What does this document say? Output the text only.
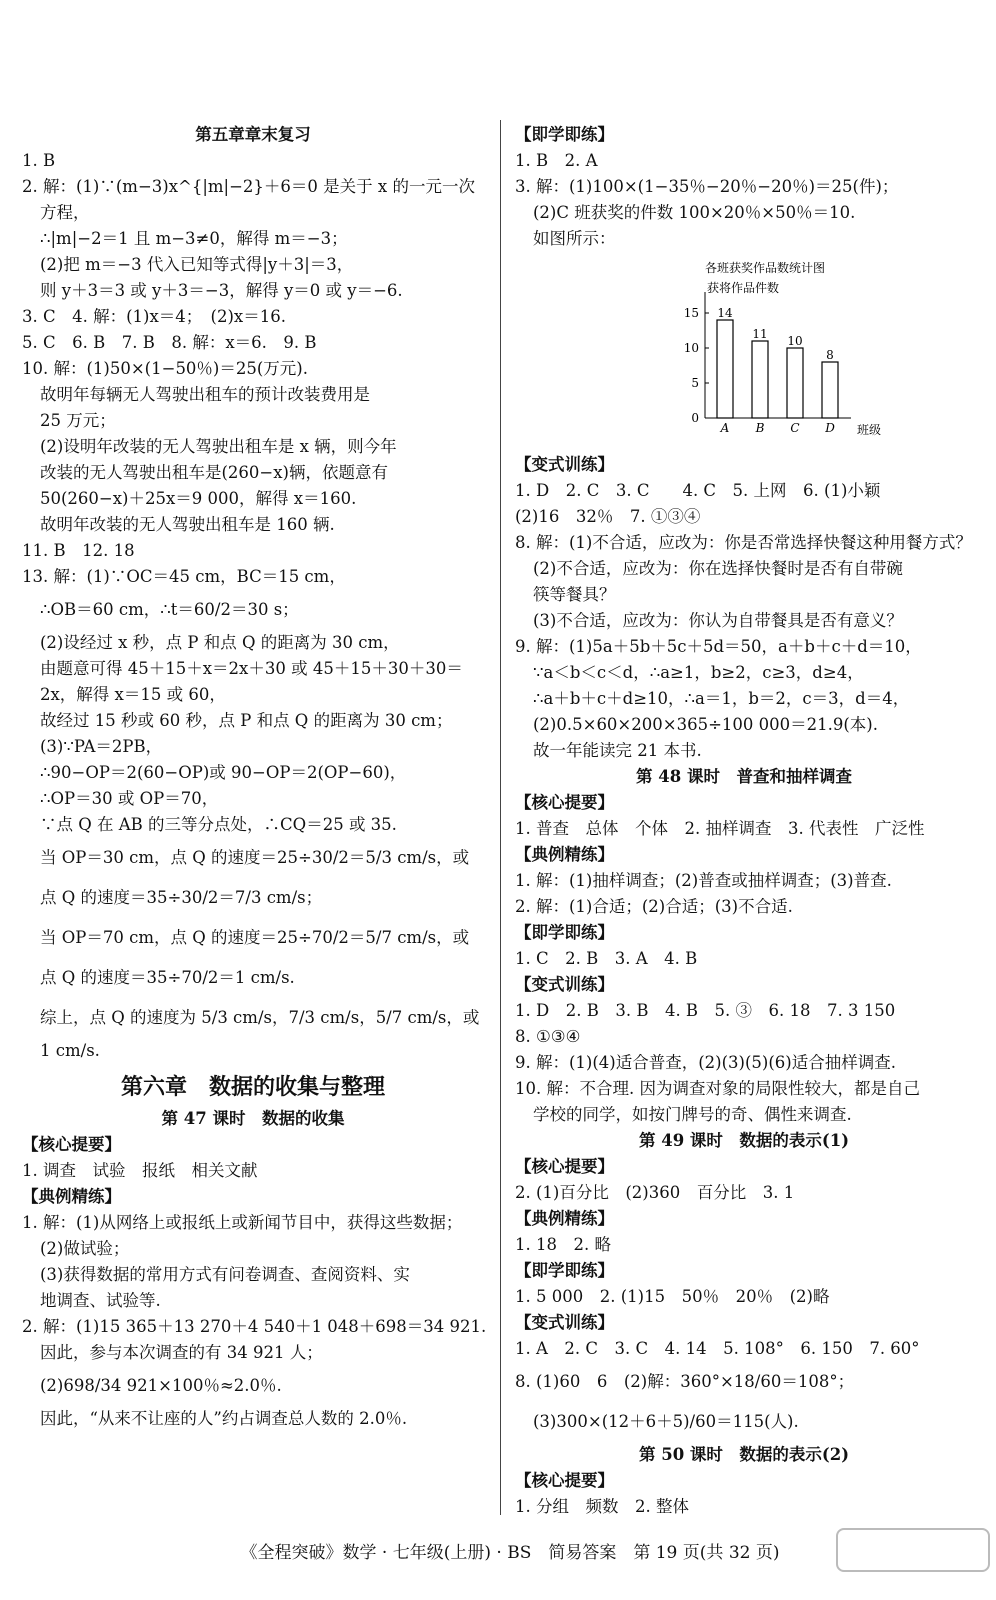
第五章章末复习
1. B
2. 解：(1)∵(m−3)x^{|m|−2}＋6＝0 是关于 x 的一元一次
方程，
∴|m|−2＝1 且 m−3≠0，解得 m＝−3；
(2)把 m＝−3 代入已知等式得|y＋3|＝3，
则 y＋3＝3 或 y＋3＝−3，解得 y＝0 或 y＝−6.
3. C　4. 解：(1)x＝4；　(2)x＝16.
5. C　6. B　7. B　8. 解：x＝6.　9. B
10. 解：(1)50×(1−50％)＝25(万元).
故明年每辆无人驾驶出租车的预计改装费用是
25 万元；
(2)设明年改装的无人驾驶出租车是 x 辆，则今年
改装的无人驾驶出租车是(260−x)辆，依题意有
50(260−x)＋25x＝9 000，解得 x＝160.
故明年改装的无人驾驶出租车是 160 辆.
11. B　12. 18
13. 解：(1)∵OC＝45 cm，BC＝15 cm，
∴OB＝60 cm，∴t＝60/2＝30 s；
(2)设经过 x 秒，点 P 和点 Q 的距离为 30 cm，
由题意可得 45＋15＋x＝2x＋30 或 45＋15＋30＋30＝
2x，解得 x＝15 或 60，
故经过 15 秒或 60 秒，点 P 和点 Q 的距离为 30 cm；
(3)∵PA＝2PB，
∴90−OP＝2(60−OP)或 90−OP＝2(OP−60)，
∴OP＝30 或 OP＝70，
∵点 Q 在 AB 的三等分点处，∴CQ＝25 或 35.
当 OP＝30 cm，点 Q 的速度＝25÷30/2＝5/3 cm/s，或
点 Q 的速度＝35÷30/2＝7/3 cm/s；
当 OP＝70 cm，点 Q 的速度＝25÷70/2＝5/7 cm/s，或
点 Q 的速度＝35÷70/2＝1 cm/s.
综上，点 Q 的速度为 5/3 cm/s，7/3 cm/s，5/7 cm/s，或
1 cm/s.
第六章　数据的收集与整理
第 47 课时　数据的收集
【核心提要】
1. 调查　试验　报纸　相关文献
【典例精练】
1. 解：(1)从网络上或报纸上或新闻节目中，获得这些数据；
(2)做试验；
(3)获得数据的常用方式有问卷调查、查阅资料、实
地调查、试验等.
2. 解：(1)15 365＋13 270＋4 540＋1 048＋698＝34 921.
因此，参与本次调查的有 34 921 人；
(2)698/34 921×100％≈2.0％.
因此，“从来不让座的人”约占调查总人数的 2.0％.
【即学即练】
1. B　2. A
3. 解：(1)100×(1−35％−20％−20％)＝25(件)；
(2)C 班获奖的件数 100×20％×50％＝10.
如图所示：
各班获奖作品数统计图
获将作品件数
0
5
10
15 14
A
11
B
10
C
8
D 班级
【变式训练】
1. D　2. C　3. C　　4. C　5. 上网　6. (1)小颖
(2)16　32％　7. ①③④
8. 解：(1)不合适，应改为：你是否常选择快餐这种用餐方式？
(2)不合适，应改为：你在选择快餐时是否有自带碗
筷等餐具？
(3)不合适，应改为：你认为自带餐具是否有意义？
9. 解：(1)5a＋5b＋5c＋5d＝50，a＋b＋c＋d＝10，
∵a＜b＜c＜d，∴a≥1，b≥2，c≥3，d≥4，
∴a＋b＋c＋d≥10，∴a＝1，b＝2，c＝3，d＝4，
(2)0.5×60×200×365÷100 000＝21.9(本).
故一年能读完 21 本书.
第 48 课时　普查和抽样调查
【核心提要】
1. 普查　总体　个体　2. 抽样调查　3. 代表性　广泛性
【典例精练】
1. 解：(1)抽样调查；(2)普查或抽样调查；(3)普查.
2. 解：(1)合适；(2)合适；(3)不合适.
【即学即练】
1. C　2. B　3. A　4. B
【变式训练】
1. D　2. B　3. B　4. B　5. ③　6. 18　7. 3 150
8. ①③④
9. 解：(1)(4)适合普查，(2)(3)(5)(6)适合抽样调查.
10. 解：不合理. 因为调查对象的局限性较大，都是自己
学校的同学，如按门牌号的奇、偶性来调查.
第 49 课时　数据的表示(1)
【核心提要】
2. (1)百分比　(2)360　百分比　3. 1
【典例精练】
1. 18　2. 略
【即学即练】
1. 5 000　2. (1)15　50％　20％　(2)略
【变式训练】
1. A　2. C　3. C　4. 14　5. 108°　6. 150　7. 60°
8. (1)60　6　(2)解：360°×18/60＝108°；
(3)300×(12＋6＋5)/60＝115(人).
第 50 课时　数据的表示(2)
【核心提要】
1. 分组　频数　2. 整体
《全程突破》数学 · 七年级(上册) · BS　简易答案　第 19 页(共 32 页)
